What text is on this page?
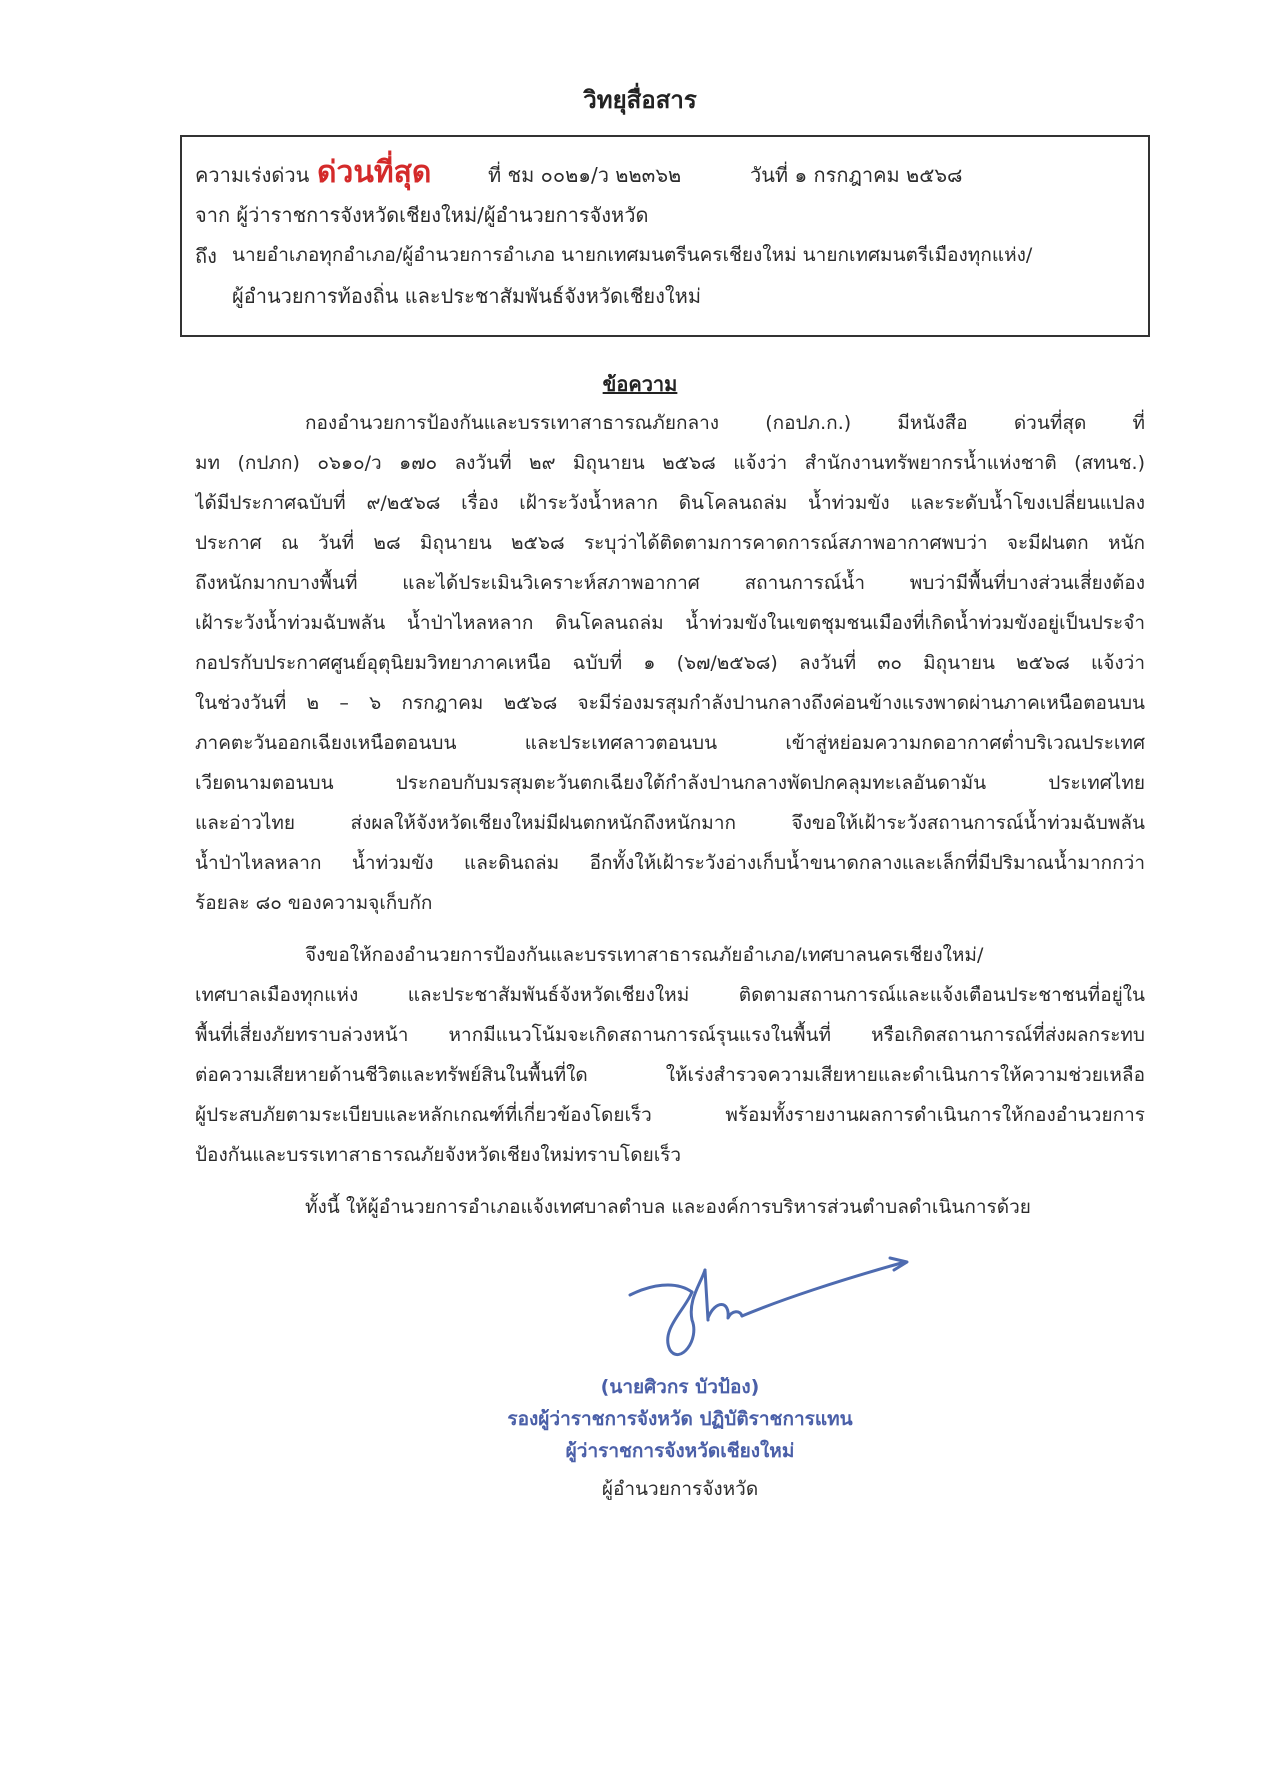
วิทยุสื่อสาร
ความเร่งด่วน ด่วนที่สุด	ที่ ชม ๐๐๒๑/ว ๒๒๓๖๒	วันที่ ๑ กรกฎาคม ๒๕๖๘
จาก ผู้ว่าราชการจังหวัดเชียงใหม่/ผู้อำนวยการจังหวัด
ถึง นายอำเภอทุกอำเภอ/ผู้อำนวยการอำเภอ นายกเทศมนตรีนครเชียงใหม่ นายกเทศมนตรีเมืองทุกแห่ง/
ผู้อำนวยการท้องถิ่น และประชาสัมพันธ์จังหวัดเชียงใหม่
ข้อความ
กองอำนวยการป้องกันและบรรเทาสาธารณภัยกลาง (กอปภ.ก.) มีหนังสือ ด่วนที่สุด ที่
มท (กปภก) ๐๖๑๐/ว ๑๗๐ ลงวันที่ ๒๙ มิถุนายน ๒๕๖๘ แจ้งว่า สำนักงานทรัพยากรน้ำแห่งชาติ (สทนช.)
ได้มีประกาศฉบับที่ ๙/๒๕๖๘ เรื่อง เฝ้าระวังน้ำหลาก ดินโคลนถล่ม น้ำท่วมขัง และระดับน้ำโขงเปลี่ยนแปลง
ประกาศ ณ วันที่ ๒๘ มิถุนายน ๒๕๖๘ ระบุว่าได้ติดตามการคาดการณ์สภาพอากาศพบว่า จะมีฝนตก หนัก
ถึงหนักมากบางพื้นที่ และได้ประเมินวิเคราะห์สภาพอากาศ สถานการณ์น้ำ พบว่ามีพื้นที่บางส่วนเสี่ยงต้อง
เฝ้าระวังน้ำท่วมฉับพลัน น้ำป่าไหลหลาก ดินโคลนถล่ม น้ำท่วมขังในเขตชุมชนเมืองที่เกิดน้ำท่วมขังอยู่เป็นประจำ
กอปรกับประกาศศูนย์อุตุนิยมวิทยาภาคเหนือ ฉบับที่ ๑ (๖๗/๒๕๖๘) ลงวันที่ ๓๐ มิถุนายน ๒๕๖๘ แจ้งว่า
ในช่วงวันที่ ๒ – ๖ กรกฎาคม ๒๕๖๘ จะมีร่องมรสุมกำลังปานกลางถึงค่อนข้างแรงพาดผ่านภาคเหนือตอนบน
ภาคตะวันออกเฉียงเหนือตอนบน และประเทศลาวตอนบน เข้าสู่หย่อมความกดอากาศต่ำบริเวณประเทศ
เวียดนามตอนบน ประกอบกับมรสุมตะวันตกเฉียงใต้กำลังปานกลางพัดปกคลุมทะเลอันดามัน ประเทศไทย
และอ่าวไทย ส่งผลให้จังหวัดเชียงใหม่มีฝนตกหนักถึงหนักมาก จึงขอให้เฝ้าระวังสถานการณ์น้ำท่วมฉับพลัน
น้ำป่าไหลหลาก น้ำท่วมขัง และดินถล่ม อีกทั้งให้เฝ้าระวังอ่างเก็บน้ำขนาดกลางและเล็กที่มีปริมาณน้ำมากกว่า
ร้อยละ ๘๐ ของความจุเก็บกัก
จึงขอให้กองอำนวยการป้องกันและบรรเทาสาธารณภัยอำเภอ/เทศบาลนครเชียงใหม่/
เทศบาลเมืองทุกแห่ง และประชาสัมพันธ์จังหวัดเชียงใหม่ ติดตามสถานการณ์และแจ้งเตือนประชาชนที่อยู่ใน
พื้นที่เสี่ยงภัยทราบล่วงหน้า หากมีแนวโน้มจะเกิดสถานการณ์รุนแรงในพื้นที่ หรือเกิดสถานการณ์ที่ส่งผลกระทบ
ต่อความเสียหายด้านชีวิตและทรัพย์สินในพื้นที่ใด ให้เร่งสำรวจความเสียหายและดำเนินการให้ความช่วยเหลือ
ผู้ประสบภัยตามระเบียบและหลักเกณฑ์ที่เกี่ยวข้องโดยเร็ว พร้อมทั้งรายงานผลการดำเนินการให้กองอำนวยการ
ป้องกันและบรรเทาสาธารณภัยจังหวัดเชียงใหม่ทราบโดยเร็ว
ทั้งนี้ ให้ผู้อำนวยการอำเภอแจ้งเทศบาลตำบล และองค์การบริหารส่วนตำบลดำเนินการด้วย
(นายศิวกร บัวป้อง)
รองผู้ว่าราชการจังหวัด ปฏิบัติราชการแทน
ผู้ว่าราชการจังหวัดเชียงใหม่
ผู้อำนวยการจังหวัด
